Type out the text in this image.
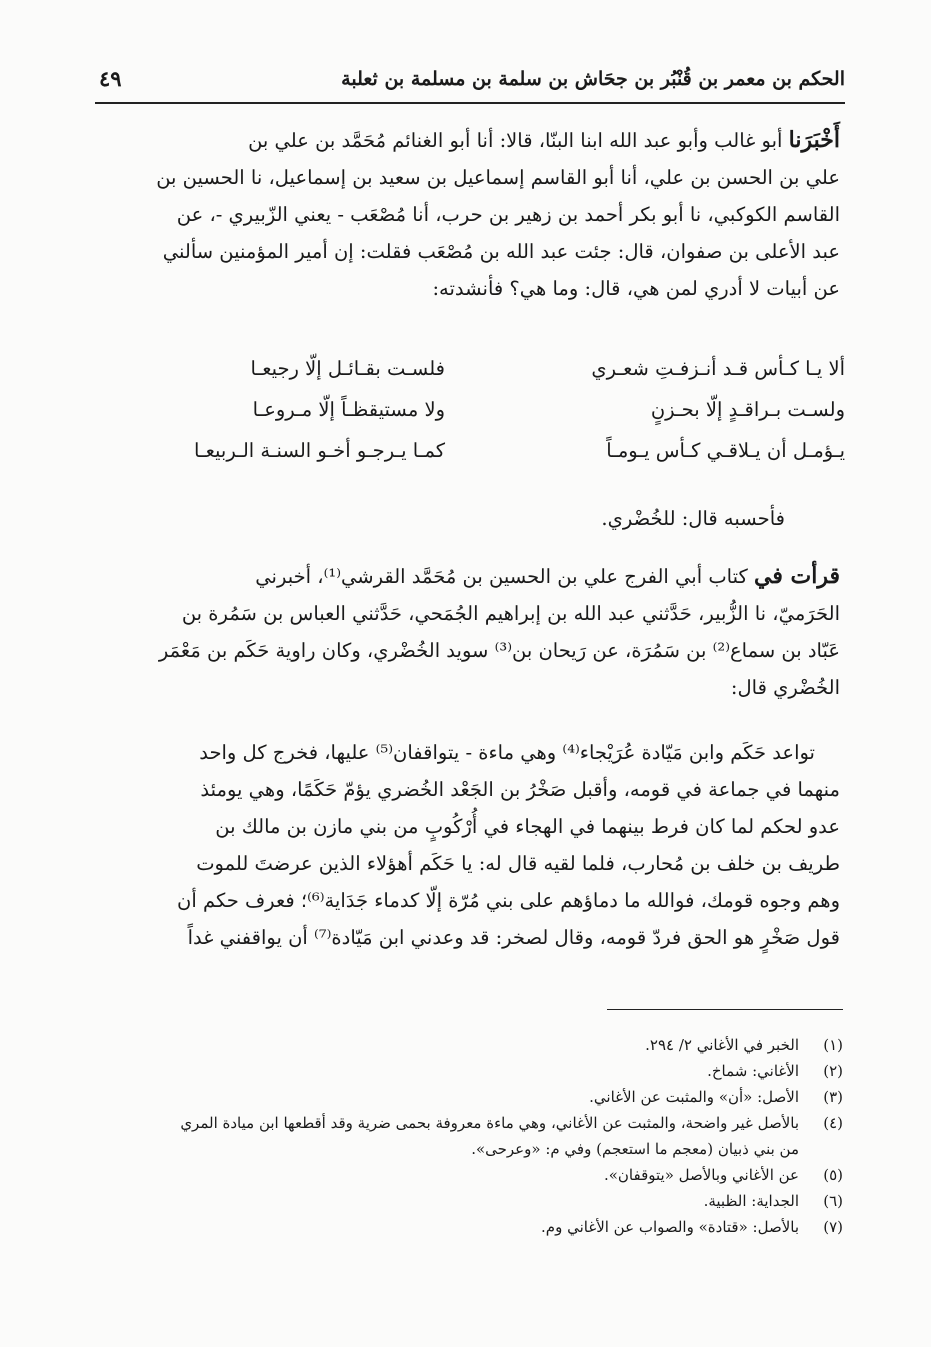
الحكم بن معمر بن قُنْبُر بن جحَاش بن سلمة بن مسلمة بن ثعلبة
٤٩
أَخْبَرَنا أبو غالب وأبو عبد الله ابنا البنّا، قالا: أنا أبو الغنائم مُحَمَّد بن علي بن
علي بن الحسن بن علي، أنا أبو القاسم إسماعيل بن سعيد بن إسماعيل، نا الحسين بن
القاسم الكوكبي، نا أبو بكر أحمد بن زهير بن حرب، أنا مُصْعَب - يعني الزّبيري -، عن
عبد الأعلى بن صفوان، قال: جئت عبد الله بن مُصْعَب فقلت: إن أمير المؤمنين سألني
عن أبيات لا أدري لمن هي، قال: وما هي؟ فأنشدته:
ألا يـا كـأس قـد أنـزفـتِ شعـري
فلسـت بقـائـل إلّا رجيعـا
ولسـت بـراقـدٍ إلّا بحـزنٍ
ولا مستيقظـاً إلّا مـروعـا
يـؤمـل أن يـلاقـي كـأس يـومـاً
كمـا يـرجـو أخـو السنـة الـربيعـا
فأحسبه قال: للخُضْري.
قرأت في كتاب أبي الفرج علي بن الحسين بن مُحَمَّد القرشي⁽¹⁾، أخبرني
الحَرَميّ، نا الزُّبير، حَدَّثني عبد الله بن إبراهيم الجُمَحي، حَدَّثني العباس بن سَمُرة بن
عَبّاد بن سماع⁽²⁾ بن سَمُرَة، عن رَيحان بن⁽³⁾ سويد الخُضْري، وكان راوية حَكَم بن مَعْمَر
الخُضْري قال:
تواعد حَكَم وابن مَيّادة عُرَيْجاء⁽⁴⁾ وهي ماءة - يتواقفان⁽⁵⁾ عليها، فخرج كل واحد
منهما في جماعة في قومه، وأقبل صَخْرُ بن الجَعْد الخُضري يؤمّ حَكَمًا، وهي يومئذ
عدو لحكم لما كان فرط بينهما في الهجاء في أُرْكُوبٍ من بني مازن بن مالك بن
طريف بن خلف بن مُحارب، فلما لقيه قال له: يا حَكَم أهؤلاء الذين عرضتَ للموت
وهم وجوه قومك، فوالله ما دماؤهم على بني مُرّة إلّا كدماء جَدَاية⁽⁶⁾؛ فعرف حكم أن
قول صَخْرٍ هو الحق فردّ قومه، وقال لصخر: قد وعدني ابن مَيّادة⁽⁷⁾ أن يواقفني غداً
(١)
الخبر في الأغاني ٢/ ٢٩٤.
(٢)
الأغاني: شماخ.
(٣)
الأصل: «أن» والمثبت عن الأغاني.
(٤)
بالأصل غير واضحة، والمثبت عن الأغاني، وهي ماءة معروفة بحمى ضرية وقد أقطعها ابن ميادة المري
من بني ذبيان (معجم ما استعجم) وفي م: «وعرحى».
(٥)
عن الأغاني وبالأصل «يتوقفان».
(٦)
الجداية: الظبية.
(٧)
بالأصل: «قتادة» والصواب عن الأغاني وم.
